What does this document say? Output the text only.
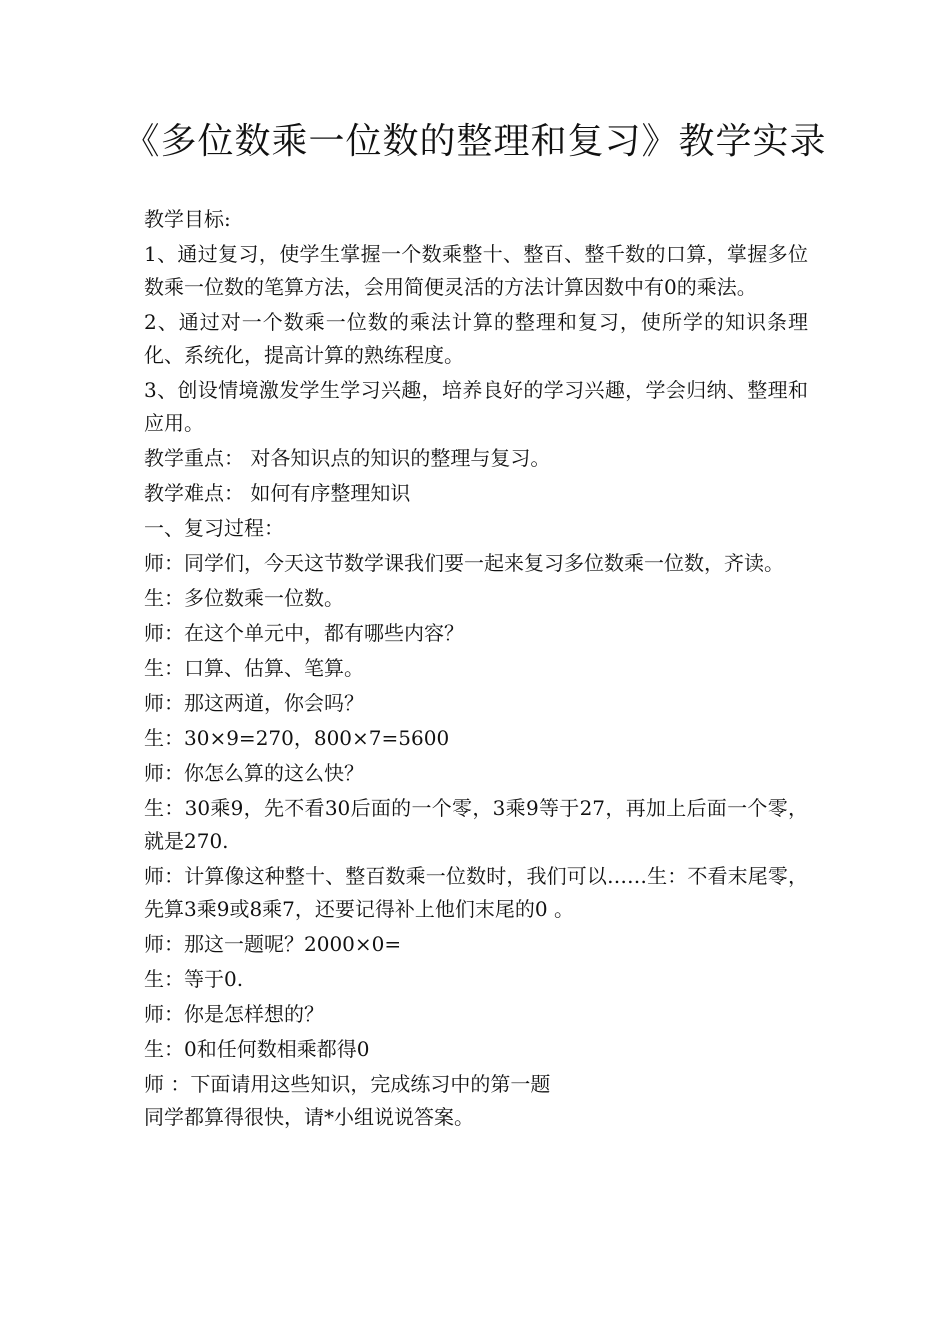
《多位数乘一位数的整理和复习》教学实录

教学目标:

1、通过复习，使学生掌握一个数乘整十、整百、整千数的口算，掌握多位数乘一位数的笔算方法，会用简便灵活的方法计算因数中有0的乘法。

2、通过对一个数乘一位数的乘法计算的整理和复习，使所学的知识条理化、系统化，提高计算的熟练程度。

3、创设情境激发学生学习兴趣，培养良好的学习兴趣，学会归纳、整理和应用。

教学重点： 对各知识点的知识的整理与复习。

教学难点： 如何有序整理知识

一、复习过程：

师：同学们，今天这节数学课我们要一起来复习多位数乘一位数，齐读。

生：多位数乘一位数。

师：在这个单元中，都有哪些内容？

生：口算、估算、笔算。

师：那这两道，你会吗？

生：30×9=270，800×7=5600

师：你怎么算的这么快？

生：30乘9，先不看30后面的一个零，3乘9等于27，再加上后面一个零，就是270.

师：计算像这种整十、整百数乘一位数时，我们可以……生：不看末尾零，先算3乘9或8乘7，还要记得补上他们末尾的0 。

师：那这一题呢？2000×0=

生：等于0.

师：你是怎样想的？

生：0和任何数相乘都得0

师 ：下面请用这些知识，完成练习中的第一题

同学都算得很快，请*小组说说答案。
